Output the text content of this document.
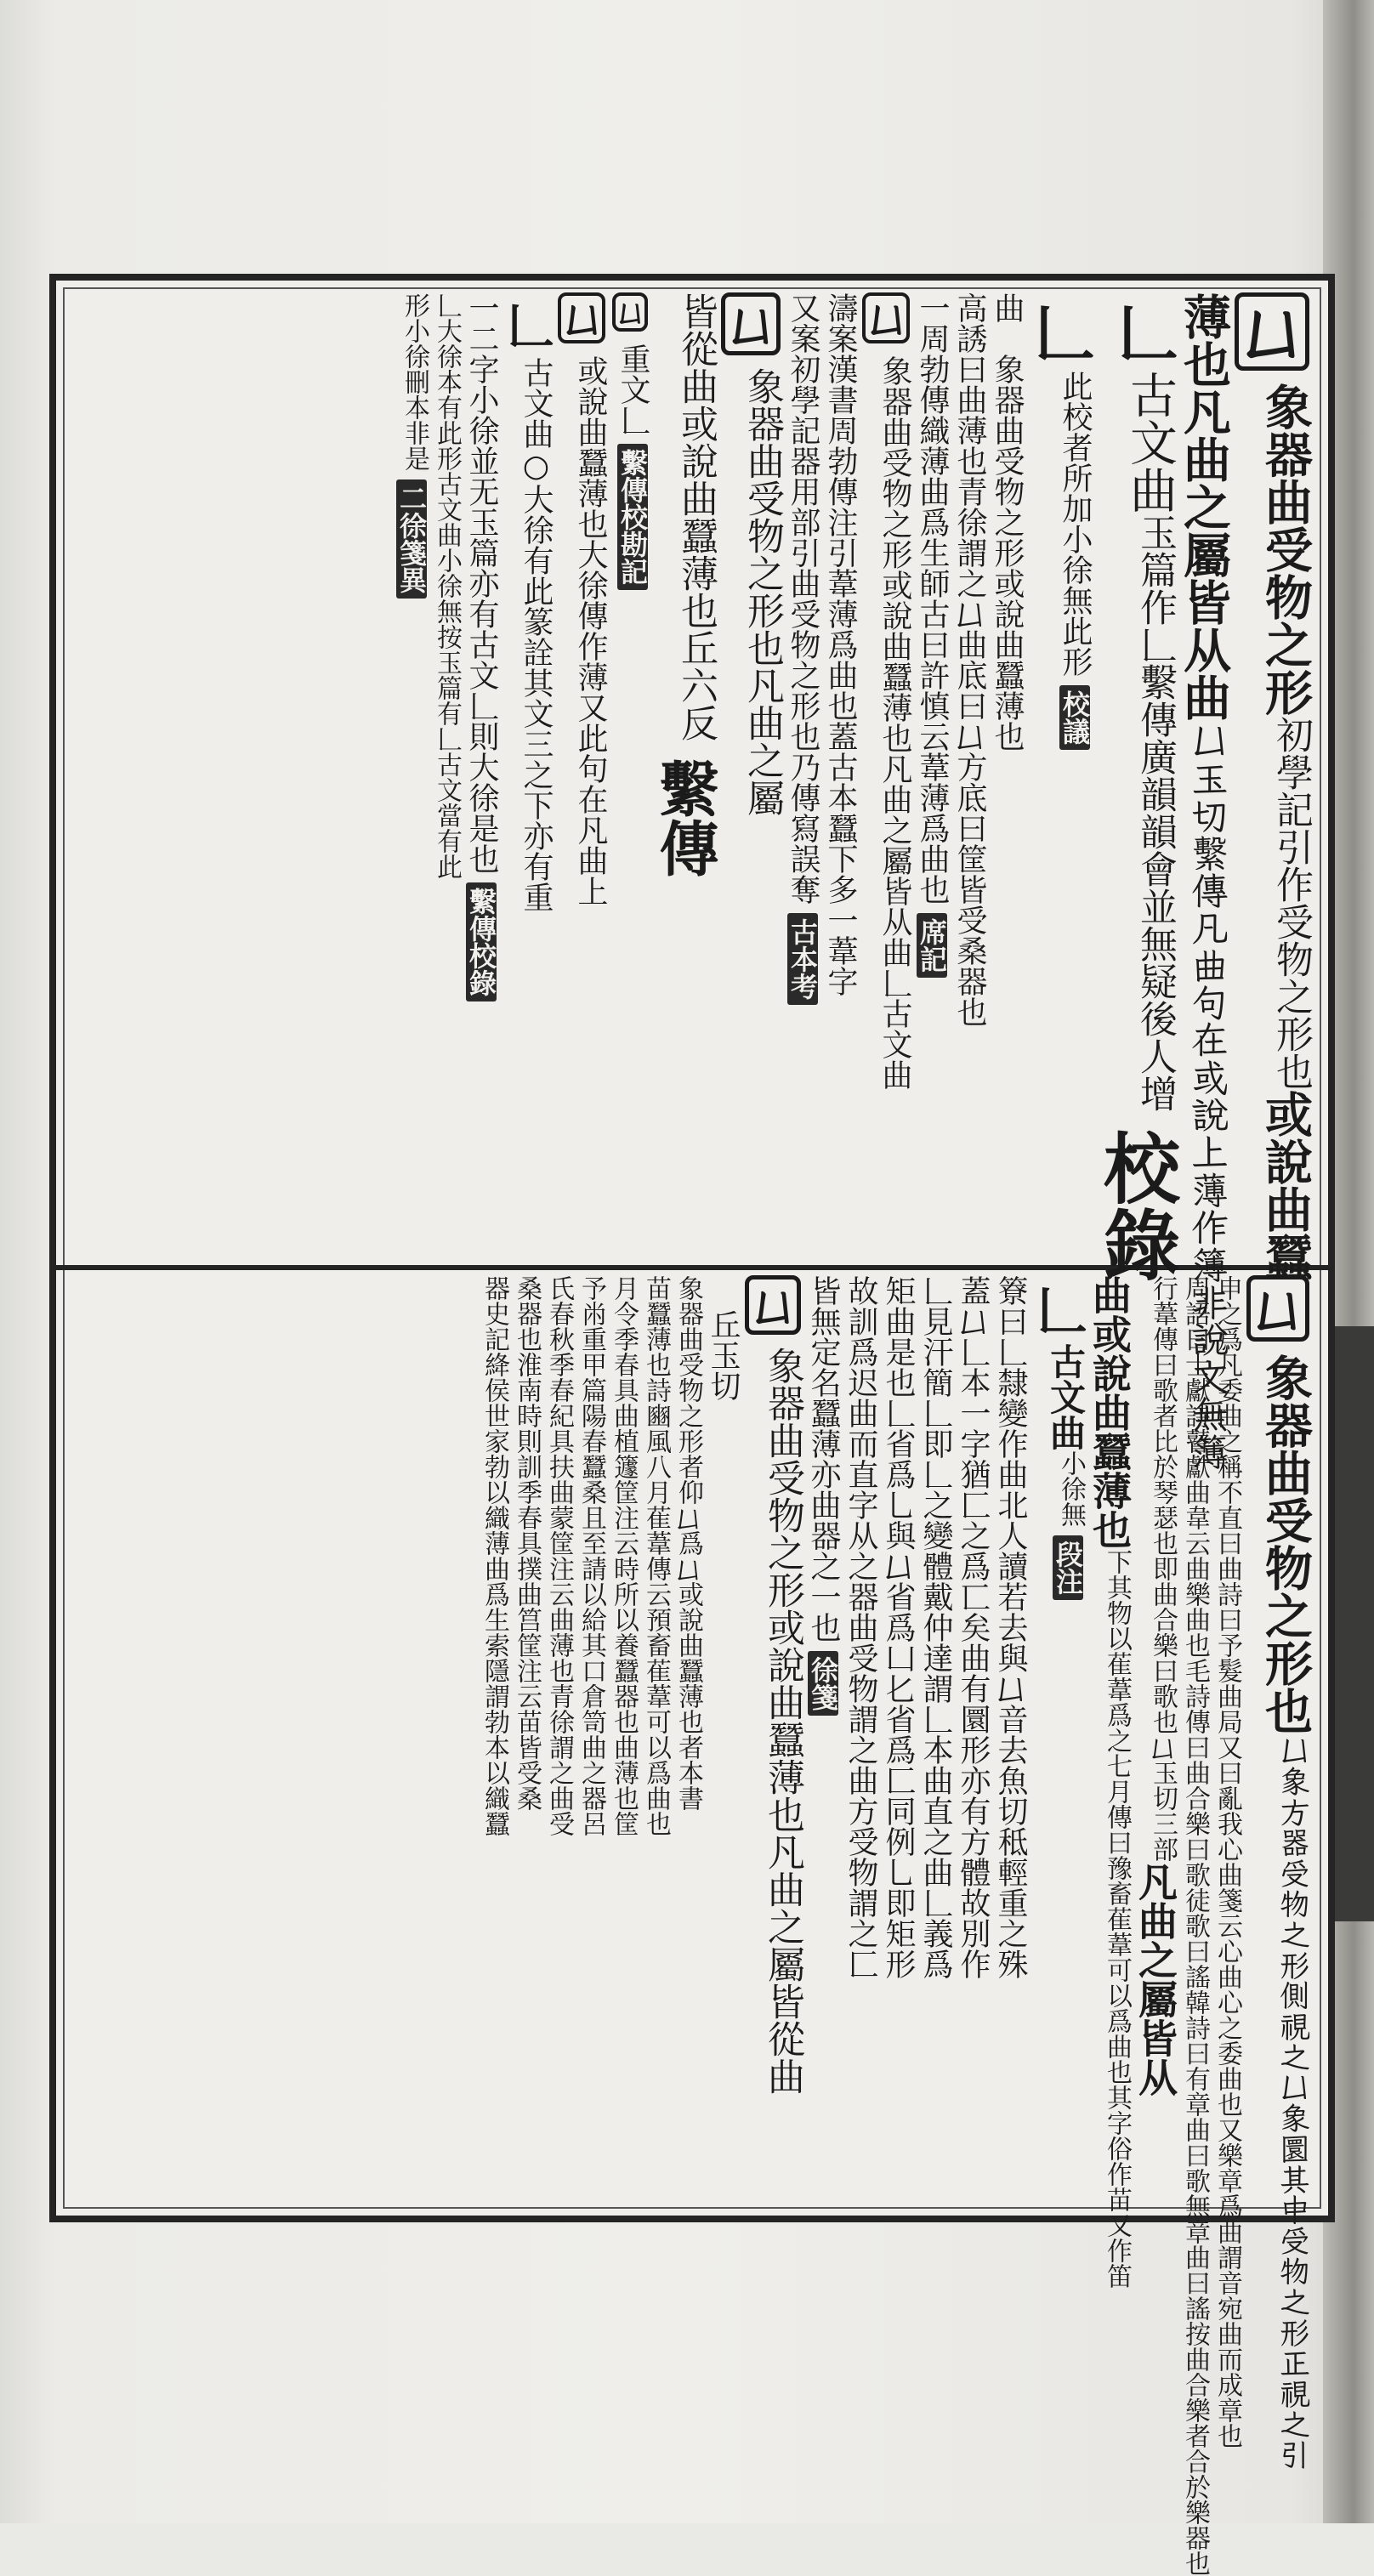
𠙴
象器曲受物之形
初學記引作受物之形也
或說曲蠶
薄也凡曲之屬皆从曲
𠙴玉切繫傳凡曲句在或說上薄作簿非說文無簿
𠃊
古文曲
玉篇作𠃊繫傳廣韻韻會並無疑後人增
校錄
𠃊
此校者所加小徐無此形
校議
曲　象器曲受物之形或說曲蠶薄也
高誘曰曲薄也青徐謂之𠙴曲底曰𠙴方底曰筐皆受桑器也
一周勃傳織薄曲爲生師古曰許慎云葦薄爲曲也
席記
𠙴
象器曲受物之形或說曲蠶薄也凡曲之屬皆从曲𠃊古文曲
濤案漢書周勃傳注引葦薄爲曲也蓋古本蠶下多一葦字
又案初學記器用部引曲受物之形也乃傳寫誤奪
古本考
𠙴
象器曲受物之形也凡曲之屬
皆從曲或說曲蠶薄也丘六反
繫傳
𠙴
重文𠃊
繫傳校勘記
𠙴
或說曲蠶薄也大徐傳作薄又此句在凡曲上
𠃊
古文曲○大徐有此篆詮其文三之下亦有重
一二字小徐並无玉篇亦有古文𠃊則大徐是也
繫傳校錄
𠃊大徐本有此形古文曲小徐無按玉篇有𠃊古文當有此
形小徐刪本非是
二徐箋異
𠙴
象器曲受物之形也
𠙴象方器受物之形側視之𠙴象圜其中受物之形正視之引
申之爲凡委曲之稱不直曰曲詩曰予髮曲局又曰亂我心曲箋云心曲心之委曲也又樂章爲曲謂音宛曲而成章也
周語曰士獻詩瞽獻曲韋云曲樂曲也毛詩傳曰曲合樂曰歌徒歌曰謠韓詩曰有章曲曰歌無章曲曰謠按曲合樂者合於樂器也
行葦傳曰歌者比於琴瑟也即曲合樂曰歌也𠙴玉切三部
凡曲之屬皆从
曲或說曲蠶薄也
下其物以萑葦爲之七月傳曰豫畜萑葦可以爲曲也其字俗作苗又作笛
𠃊
古文曲
小徐無
段注
簝曰𠃊隸變作曲北人讀若去與𠙴音去魚切秪輕重之殊
蓋𠙴𠃊本一字猶匚之爲匸矣曲有圜形亦有方體故別作
𠃊見汗簡𠃊即𠃊之變體戴仲達謂𠃊本曲直之曲𠃊義爲
矩曲是也𠃊省爲乚與𠙴省爲凵𠤎省爲匚同例乚即矩形
故訓爲迟曲而直字从之器曲受物謂之曲方受物謂之匚
皆無定名蠶薄亦曲器之一也
徐箋
𠙴
象器曲受物之形或說曲蠶薄也凡曲之屬皆從曲
丘玉切
象器曲受物之形者仰𠙴爲𠙴或說曲蠶薄也者本書
苗蠶薄也詩豳風八月萑葦傳云預畜萑葦可以爲曲也
月令季春具曲植籧筐注云時所以養蠶器也曲薄也筐
予㡀重甲篇陽春蠶桑且至請以給其口倉笥曲之器呂
氏春秋季春紀具扶曲蒙筐注云曲薄也青徐謂之曲受
桑器也淮南時則訓季春具撲曲筥筐注云苗皆受桑
器史記絳侯世家勃以織薄曲爲生索隱謂勃本以織蠶
